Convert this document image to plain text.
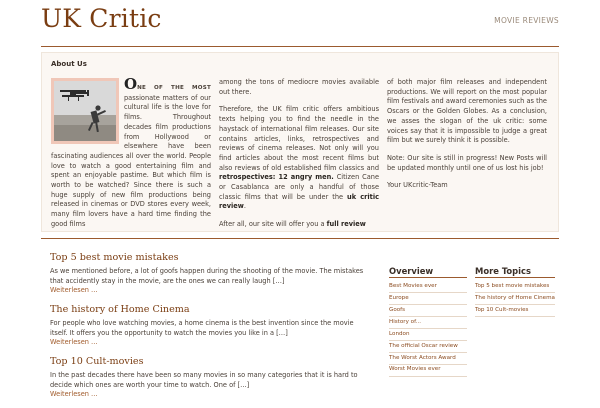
UK Critic	MOVIE REVIEWS
About Us
ONE OF THE MOST passionate matters of our cultural life is the love for films. Throughout decades film productions from Hollywood or elsewhere have been fascinating audiences all over the world. People love to watch a good entertaining film and spent an enjoyable pastime. But which film is worth to be watched? Since there is such a huge supply of new film productions being released in cinemas or DVD stores every week, many film lovers have a hard time finding the good films

among the tons of mediocre movies available out there.

Therefore, the UK film critic offers ambitious texts helping you to find the needle in the haystack of international film releases. Our site contains articles, links, retrospectives and reviews of cinema releases. Not only will you find articles about the most recent films but also reviews of old established film classics and retrospectives: 12 angry men. Citizen Cane or Casablanca are only a handful of those classic films that will be under the uk critic review.

After all, our site will offer you a full review

of both major film releases and independent productions. We will report on the most popular film festivals and award ceremonies such as the Oscars or the Golden Globes. As a conclusion, we asses the slogan of the uk critic: some voices say that it is impossible to judge a great film but we surely think it is possible.

Note: Our site is still in progress! New Posts will be updated monthly until one of us lost his job!

Your UKcritic-Team

Top 5 best movie mistakes

As we mentioned before, a lot of goofs happen during the shooting of the movie. The mistakes that accidently stay in the movie, are the ones we can really laugh […]

Weiterlesen …
The history of Home Cinema

For people who love watching movies, a home cinema is the best invention since the movie itself. It offers you the opportunity to watch the movies you like in a […]

Weiterlesen …
Top 10 Cult-movies

In the past decades there have been so many movies in so many categories that it is hard to decide which ones are worth your time to watch. One of […]

Weiterlesen …
Overview
Best Movies ever
Europe
Goofs
History of...
London
The official Oscar review
The Worst Actors Award
Worst Movies ever
More Topics
Top 5 best movie mistakes
The history of Home Cinema
Top 10 Cult-movies
